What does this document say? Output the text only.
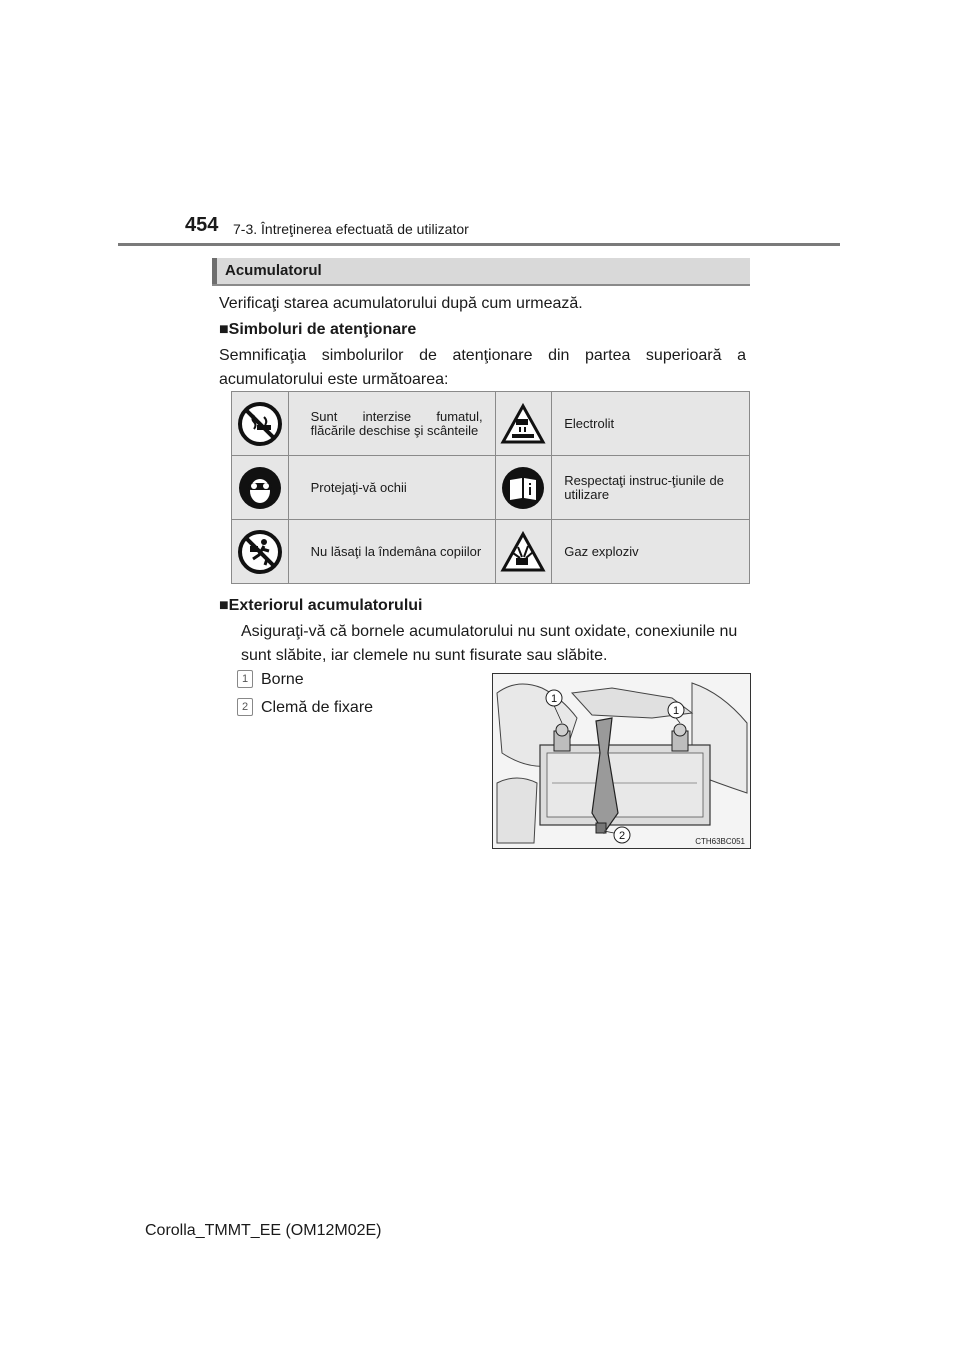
454 7-3. Întreţinerea efectuată de utilizator
Acumulatorul
Verificaţi starea acumulatorului după cum urmează.
■Simboluri de atenţionare
Semnificaţia simbolurilor de atenţionare din partea superioară a acumulatorului este următoarea:
	Sunt interzise fumatul, flăcările deschise şi scânteile		Electrolit

	Protejaţi-vă ochii		Respectaţi instruc-ţiunile de utilizare

	Nu lăsaţi la îndemâna copiilor		Gaz exploziv
■Exteriorul acumulatorului
Asiguraţi-vă că bornele acumulatorului nu sunt oxidate, conexiunile nu sunt slăbite, iar clemele nu sunt fisurate sau slăbite.
1 Borne
2 Clemă de fixare	1
1
2	CTH63BC051
Corolla_TMMT_EE (OM12M02E)
